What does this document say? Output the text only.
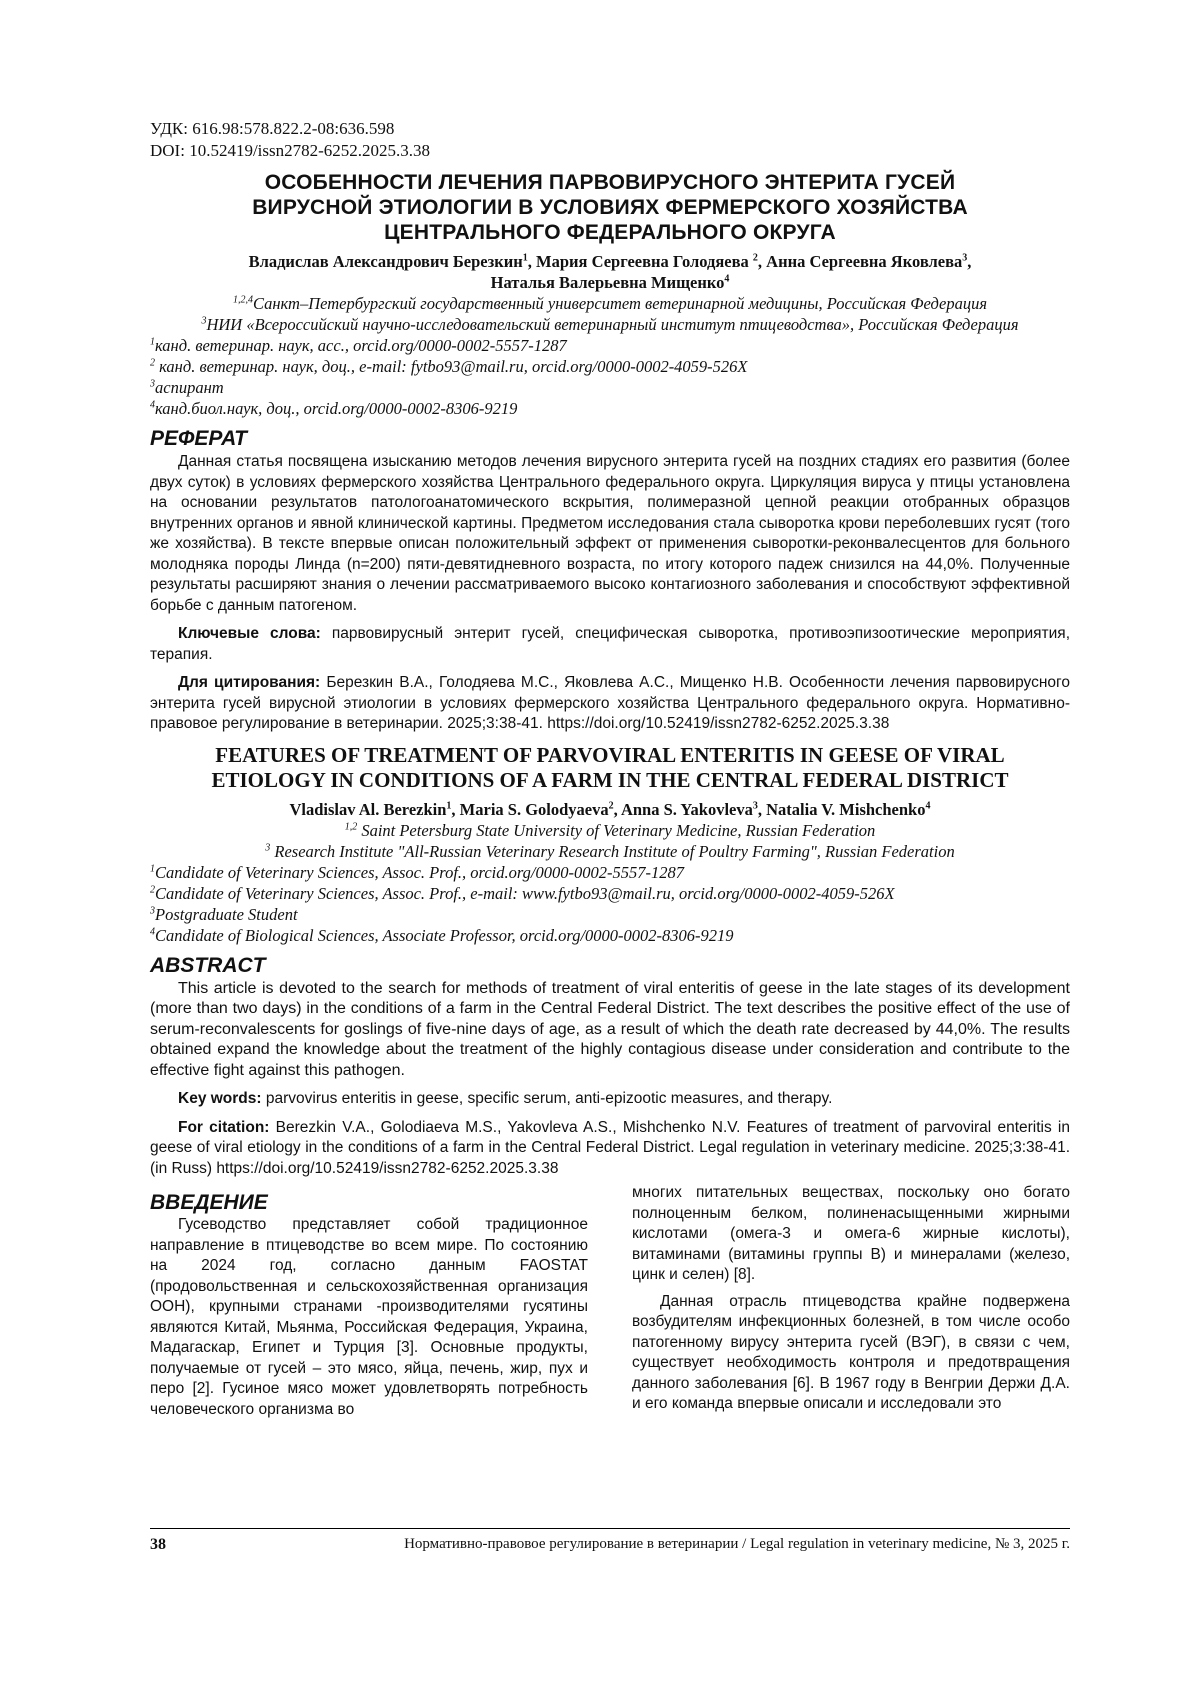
УДК: 616.98:578.822.2-08:636.598
DOI: 10.52419/issn2782-6252.2025.3.38
ОСОБЕННОСТИ ЛЕЧЕНИЯ ПАРВОВИРУСНОГО ЭНТЕРИТА ГУСЕЙ
ВИРУСНОЙ ЭТИОЛОГИИ В УСЛОВИЯХ ФЕРМЕРСКОГО ХОЗЯЙСТВА
ЦЕНТРАЛЬНОГО ФЕДЕРАЛЬНОГО ОКРУГА
Владислав Александрович Березкин$^1$, Мария Сергеевна Голодяева $^2$, Анна Сергеевна Яковлева$^3$,
Наталья Валерьевна Мищенко$^4$
$^{1,2,4}$Санкт–Петербургский государственный университет ветеринарной медицины, Российская Федерация
$^3$НИИ «Всероссийский научно-исследовательский ветеринарный институт птицеводства», Российская Федерация
$^1$канд. ветеринар. наук, асс., orcid.org/0000-0002-5557-1287
$^2$ канд. ветеринар. наук, доц., e-mail: fytbo93@mail.ru, orcid.org/0000-0002-4059-526X
$^3$аспирант
$^4$канд.биол.наук, доц., orcid.org/0000-0002-8306-9219
РЕФЕРАТ
Данная статья посвящена изысканию методов лечения вирусного энтерита гусей на поздних стадиях его развития (более двух суток) в условиях фермерского хозяйства Центрального федерального округа. Циркуляция вируса у птицы установлена на основании результатов патологоанатомического вскрытия, полимеразной цепной реакции отобранных образцов внутренних органов и явной клинической картины. Предметом исследования стала сыворотка крови переболевших гусят (того же хозяйства). В тексте впервые описан положительный эффект от применения сыворотки-реконвалесцентов для больного молодняка породы Линда (n=200) пяти-девятидневного возраста, по итогу которого падеж снизился на 44,0%. Полученные результаты расширяют знания о лечении рассматриваемого высоко контагиозного заболевания и способствуют эффективной борьбе с данным патогеном.
Ключевые слова: парвовирусный энтерит гусей, специфическая сыворотка, противоэпизоотические мероприятия, терапия.
Для цитирования: Березкин В.А., Голодяева М.С., Яковлева А.С., Мищенко Н.В. Особенности лечения парвовирусного энтерита гусей вирусной этиологии в условиях фермерского хозяйства Центрального федерального округа. Нормативно-правовое регулирование в ветеринарии. 2025;3:38-41. https://doi.org/10.52419/issn2782-6252.2025.3.38
FEATURES OF TREATMENT OF PARVOVIRAL ENTERITIS IN GEESE OF VIRAL
ETIOLOGY IN CONDITIONS OF A FARM IN THE CENTRAL FEDERAL DISTRICT
Vladislav Al. Berezkin$^1$, Maria S. Golodyaeva$^2$, Anna S. Yakovleva$^3$, Natalia V. Mishchenko$^4$
$^{1,2}$ Saint Petersburg State University of Veterinary Medicine, Russian Federation
$^3$ Research Institute "All-Russian Veterinary Research Institute of Poultry Farming", Russian Federation
$^1$Candidate of Veterinary Sciences, Assoc. Prof., orcid.org/0000-0002-5557-1287
$^2$Candidate of Veterinary Sciences, Assoc. Prof., e-mail: www.fytbo93@mail.ru, orcid.org/0000-0002-4059-526X
$^3$Postgraduate Student
$^4$Candidate of Biological Sciences, Associate Professor, orcid.org/0000-0002-8306-9219
ABSTRACT
This article is devoted to the search for methods of treatment of viral enteritis of geese in the late stages of its development (more than two days) in the conditions of a farm in the Central Federal District. The text describes the positive effect of the use of serum-reconvalescents for goslings of five-nine days of age, as a result of which the death rate decreased by 44,0%. The results obtained expand the knowledge about the treatment of the highly contagious disease under consideration and contribute to the effective fight against this pathogen.
Key words: parvovirus enteritis in geese, specific serum, anti-epizootic measures, and therapy.
For citation: Berezkin V.A., Golodiaeva M.S., Yakovleva A.S., Mishchenko N.V. Features of treatment of parvoviral enteritis in geese of viral etiology in the conditions of a farm in the Central Federal District. Legal regulation in veterinary medicine. 2025;3:38-41. (in Russ) https://doi.org/10.52419/issn2782-6252.2025.3.38
ВВЕДЕНИЕ
Гусеводство представляет собой традиционное направление в птицеводстве во всем мире. По состоянию на 2024 год, согласно данным FAOSTAT (продовольственная и сельскохозяйственная организация ООН), крупными странами -производителями гусятины являются Китай, Мьянма, Российская Федерация, Украина, Мадагаскар, Египет и Турция [3]. Основные продукты, получаемые от гусей – это мясо, яйца, печень, жир, пух и перо [2]. Гусиное мясо может удовлетворять потребность человеческого организма во
многих питательных веществах, поскольку оно богато полноценным белком, полиненасыщенными жирными кислотами (омега-3 и омега-6 жирные кислоты), витаминами (витамины группы В) и минералами (железо, цинк и селен) [8].
Данная отрасль птицеводства крайне подвержена возбудителям инфекционных болезней, в том числе особо патогенному вирусу энтерита гусей (ВЭГ), в связи с чем, существует необходимость контроля и предотвращения данного заболевания [6]. В 1967 году в Венгрии Держи Д.А. и его команда впервые описали и исследовали это
38	Нормативно-правовое регулирование в ветеринарии / Legal regulation in veterinary medicine, № 3, 2025 г.
